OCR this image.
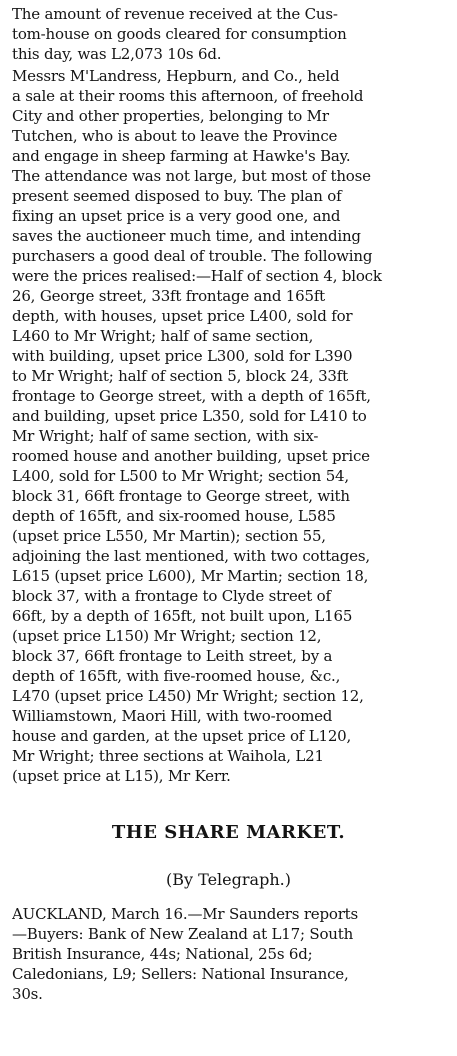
The amount of revenue received at the Cus-
tom-house on goods cleared for consumption
this day, was L2,073 10s 6d.
Messrs M'Landress, Hepburn, and Co., held
a sale at their rooms this afternoon, of freehold
City and other properties, belonging to Mr
Tutchen, who is about to leave the Province
and engage in sheep farming at Hawke's Bay.
The attendance was not large, but most of those
present seemed disposed to buy. The plan of
fixing an upset price is a very good one, and
saves the auctioneer much time, and intending
purchasers a good deal of trouble. The following
were the prices realised:—Half of section 4, block
26, George street, 33ft frontage and 165ft
depth, with houses, upset price L400, sold for
L460 to Mr Wright; half of same section,
with building, upset price L300, sold for L390
to Mr Wright; half of section 5, block 24, 33ft
frontage to George street, with a depth of 165ft,
and building, upset price L350, sold for L410 to
Mr Wright; half of same section, with six-
roomed house and another building, upset price
L400, sold for L500 to Mr Wright; section 54,
block 31, 66ft frontage to George street, with
depth of 165ft, and six-roomed house, L585
(upset price L550, Mr Martin); section 55,
adjoining the last mentioned, with two cottages,
L615 (upset price L600), Mr Martin; section 18,
block 37, with a frontage to Clyde street of
66ft, by a depth of 165ft, not built upon, L165
(upset price L150) Mr Wright; section 12,
block 37, 66ft frontage to Leith street, by a
depth of 165ft, with five-roomed house, &c.,
L470 (upset price L450) Mr Wright; section 12,
Williamstown, Maori Hill, with two-roomed
house and garden, at the upset price of L120,
Mr Wright; three sections at Waihola, L21
(upset price at L15), Mr Kerr.
THE SHARE MARKET.
(By Telegraph.)
AUCKLAND, March 16.—Mr Saunders reports
—Buyers: Bank of New Zealand at L17; South
British Insurance, 44s; National, 25s 6d;
Caledonians, L9; Sellers: National Insurance,
30s.
